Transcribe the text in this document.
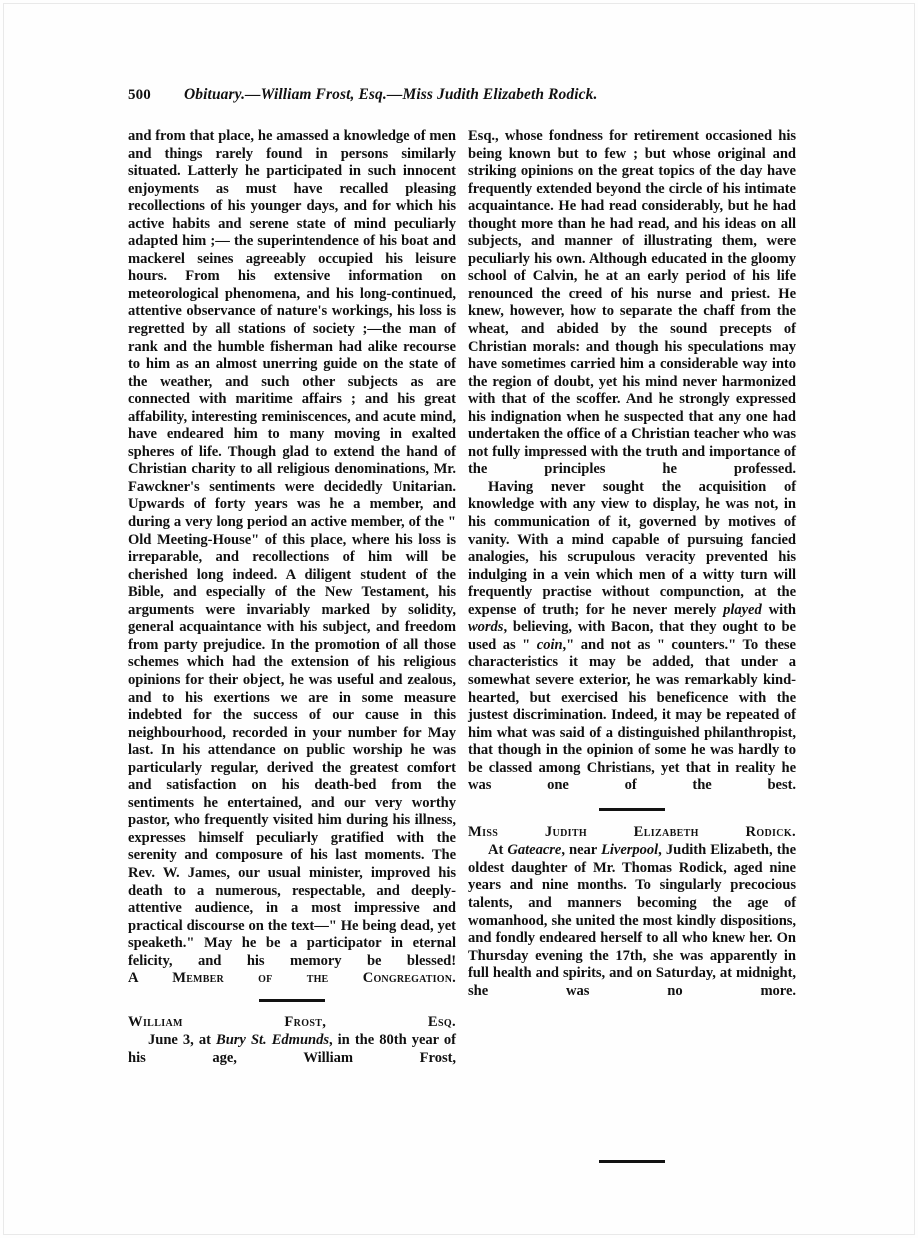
500 Obituary.—William Frost, Esq.—Miss Judith Elizabeth Rodick.

and from that place, he amassed a knowledge of men and things rarely found in persons similarly situated. Latterly he participated in such innocent enjoyments as must have recalled pleasing recollections of his younger days, and for which his active habits and serene state of mind peculiarly adapted him ;— the superintendence of his boat and mackerel seines agreeably occupied his leisure hours. From his extensive information on meteorological phenomena, and his long-continued, attentive observance of nature's workings, his loss is regretted by all stations of society ;—the man of rank and the humble fisherman had alike recourse to him as an almost unerring guide on the state of the weather, and such other subjects as are connected with maritime affairs ; and his great affability, interesting reminiscences, and acute mind, have endeared him to many moving in exalted spheres of life. Though glad to extend the hand of Christian charity to all religious denominations, Mr. Fawckner's sentiments were decidedly Unitarian. Upwards of forty years was he a member, and during a very long period an active member, of the " Old Meeting-House" of this place, where his loss is irreparable, and recollections of him will be cherished long indeed. A diligent student of the Bible, and especially of the New Testament, his arguments were invariably marked by solidity, general acquaintance with his subject, and freedom from party prejudice. In the promotion of all those schemes which had the extension of his religious opinions for their object, he was useful and zealous, and to his exertions we are in some measure indebted for the success of our cause in this neighbourhood, recorded in your number for May last. In his attendance on public worship he was particularly regular, derived the greatest comfort and satisfaction on his death-bed from the sentiments he entertained, and our very worthy pastor, who frequently visited him during his illness, expresses himself peculiarly gratified with the serenity and composure of his last moments. The Rev. W. James, our usual minister, improved his death to a numerous, respectable, and deeply-attentive audience, in a most impressive and practical discourse on the text—" He being dead, yet speaketh." May he be a participator in eternal felicity, and his memory be blessed!

A Member of the Congregation.

William Frost, Esq.

June 3, at Bury St. Edmunds, in the 80th year of his age, William Frost,

Esq., whose fondness for retirement occasioned his being known but to few ; but whose original and striking opinions on the great topics of the day have frequently extended beyond the circle of his intimate acquaintance. He had read considerably, but he had thought more than he had read, and his ideas on all subjects, and manner of illustrating them, were peculiarly his own. Although educated in the gloomy school of Calvin, he at an early period of his life renounced the creed of his nurse and priest. He knew, however, how to separate the chaff from the wheat, and abided by the sound precepts of Christian morals: and though his speculations may have sometimes carried him a considerable way into the region of doubt, yet his mind never harmonized with that of the scoffer. And he strongly expressed his indignation when he suspected that any one had undertaken the office of a Christian teacher who was not fully impressed with the truth and importance of the principles he professed.

Having never sought the acquisition of knowledge with any view to display, he was not, in his communication of it, governed by motives of vanity. With a mind capable of pursuing fancied analogies, his scrupulous veracity prevented his indulging in a vein which men of a witty turn will frequently practise without compunction, at the expense of truth; for he never merely played with words, believing, with Bacon, that they ought to be used as " coin," and not as " counters." To these characteristics it may be added, that under a somewhat severe exterior, he was remarkably kind-hearted, but exercised his beneficence with the justest discrimination. Indeed, it may be repeated of him what was said of a distinguished philanthropist, that though in the opinion of some he was hardly to be classed among Christians, yet that in reality he was one of the best.

Miss Judith Elizabeth Rodick.

At Gateacre, near Liverpool, Judith Elizabeth, the oldest daughter of Mr. Thomas Rodick, aged nine years and nine months. To singularly precocious talents, and manners becoming the age of womanhood, she united the most kindly dispositions, and fondly endeared herself to all who knew her. On Thursday evening the 17th, she was apparently in full health and spirits, and on Saturday, at midnight, she was no more.
